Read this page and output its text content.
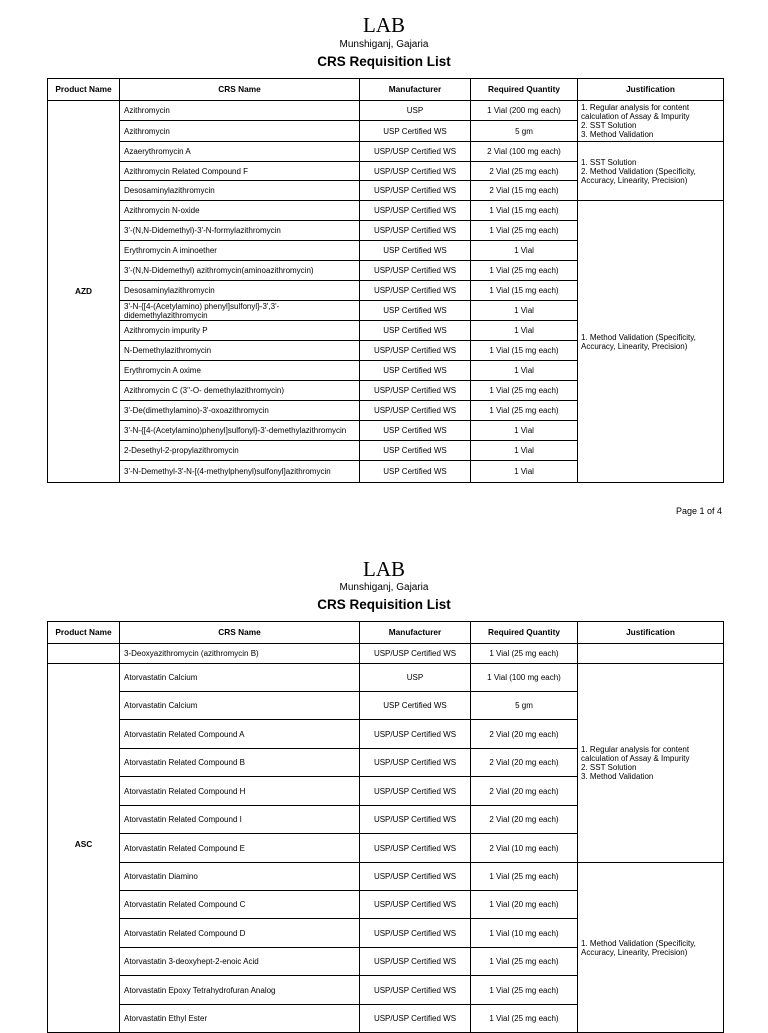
LAB
Munshiganj, Gajaria
CRS Requisition List
Product Name	CRS Name	Manufacturer	Required Quantity	Justification
AZD	Azithromycin	USP	1 Vial (200 mg each)	1. Regular analysis for content calculation of Assay & Impurity
2. SST Solution
3. Method Validation

	Azithromycin	USP Certified WS	5 gm	
	Azaerythromycin A	USP/USP Certified WS	2 Vial (100 mg each)	1. SST Solution
2. Method Validation (Specificity, Accuracy, Linearity, Precision)

	Azithromycin Related Compound F	USP/USP Certified WS	2 Vial (25 mg each)	
	Desosaminylazithromycin	USP/USP Certified WS	2 Vial (15 mg each)	
	Azithromycin N-oxide	USP/USP Certified WS	1 Vial (15 mg each)	1. Method Validation (Specificity, Accuracy, Linearity, Precision)

	3'-(N,N-Didemethyl)-3'-N-formylazithromycin	USP/USP Certified WS	1 Vial (25 mg each)	
	Erythromycin A iminoether	USP Certified WS	1 Vial	
	3'-(N,N-Didemethyl) azithromycin(aminoazithromycin)	USP/USP Certified WS	1 Vial (25 mg each)	
	Desosaminylazithromycin	USP/USP Certified WS	1 Vial (15 mg each)	
	3'-N-{[4-(Acetylamino) phenyl]sulfonyl}-3',3'-didemethylazithromycin	USP Certified WS	1 Vial	
	Azithromycin impurity P	USP Certified WS	1 Vial	
	N-Demethylazithromycin	USP/USP Certified WS	1 Vial (15 mg each)	
	Erythromycin A oxime	USP Certified WS	1 Vial	
	Azithromycin C (3''-O- demethylazithromycin)	USP/USP Certified WS	1 Vial (25 mg each)	
	3'-De(dimethylamino)-3'-oxoazithromycin	USP/USP Certified WS	1 Vial (25 mg each)	
	3'-N-{[4-(Acetylamino)phenyl]sulfonyl}-3'-demethylazithromycin	USP Certified WS	1 Vial	
	2-Desethyl-2-propylazithromycin	USP Certified WS	1 Vial	
	3'-N-Demethyl-3'-N-[(4-methylphenyl)sulfonyl]azithromycin	USP Certified WS	1 Vial	
Page 1 of 4
LAB
Munshiganj, Gajaria
CRS Requisition List
Product Name	CRS Name	Manufacturer	Required Quantity	Justification
	3-Deoxyazithromycin (azithromycin B)	USP/USP Certified WS	1 Vial (25 mg each)	
ASC	Atorvastatin Calcium	USP	1 Vial (100 mg each)	1. Regular analysis for content calculation of Assay & Impurity
2. SST Solution
3. Method Validation

	Atorvastatin Calcium	USP Certified WS	5 gm	
	Atorvastatin Related Compound A	USP/USP Certified WS	2 Vial (20 mg each)	
	Atorvastatin Related Compound B	USP/USP Certified WS	2 Vial (20 mg each)	
	Atorvastatin Related Compound H	USP/USP Certified WS	2 Vial (20 mg each)	
	Atorvastatin Related Compound I	USP/USP Certified WS	2 Vial (20 mg each)	
	Atorvastatin Related Compound E	USP/USP Certified WS	2 Vial (10 mg each)	
	Atorvastatin Diamino	USP/USP Certified WS	1 Vial (25 mg each)	1. Method Validation (Specificity, Accuracy, Linearity, Precision)

	Atorvastatin Related Compound C	USP/USP Certified WS	1 Vial (20 mg each)	
	Atorvastatin Related Compound D	USP/USP Certified WS	1 Vial (10 mg each)	
	Atorvastatin 3-deoxyhept-2-enoic Acid	USP/USP Certified WS	1 Vial (25 mg each)	
	Atorvastatin Epoxy Tetrahydrofuran Analog	USP/USP Certified WS	1 Vial (25 mg each)	
	Atorvastatin Ethyl Ester	USP/USP Certified WS	1 Vial (25 mg each)	
